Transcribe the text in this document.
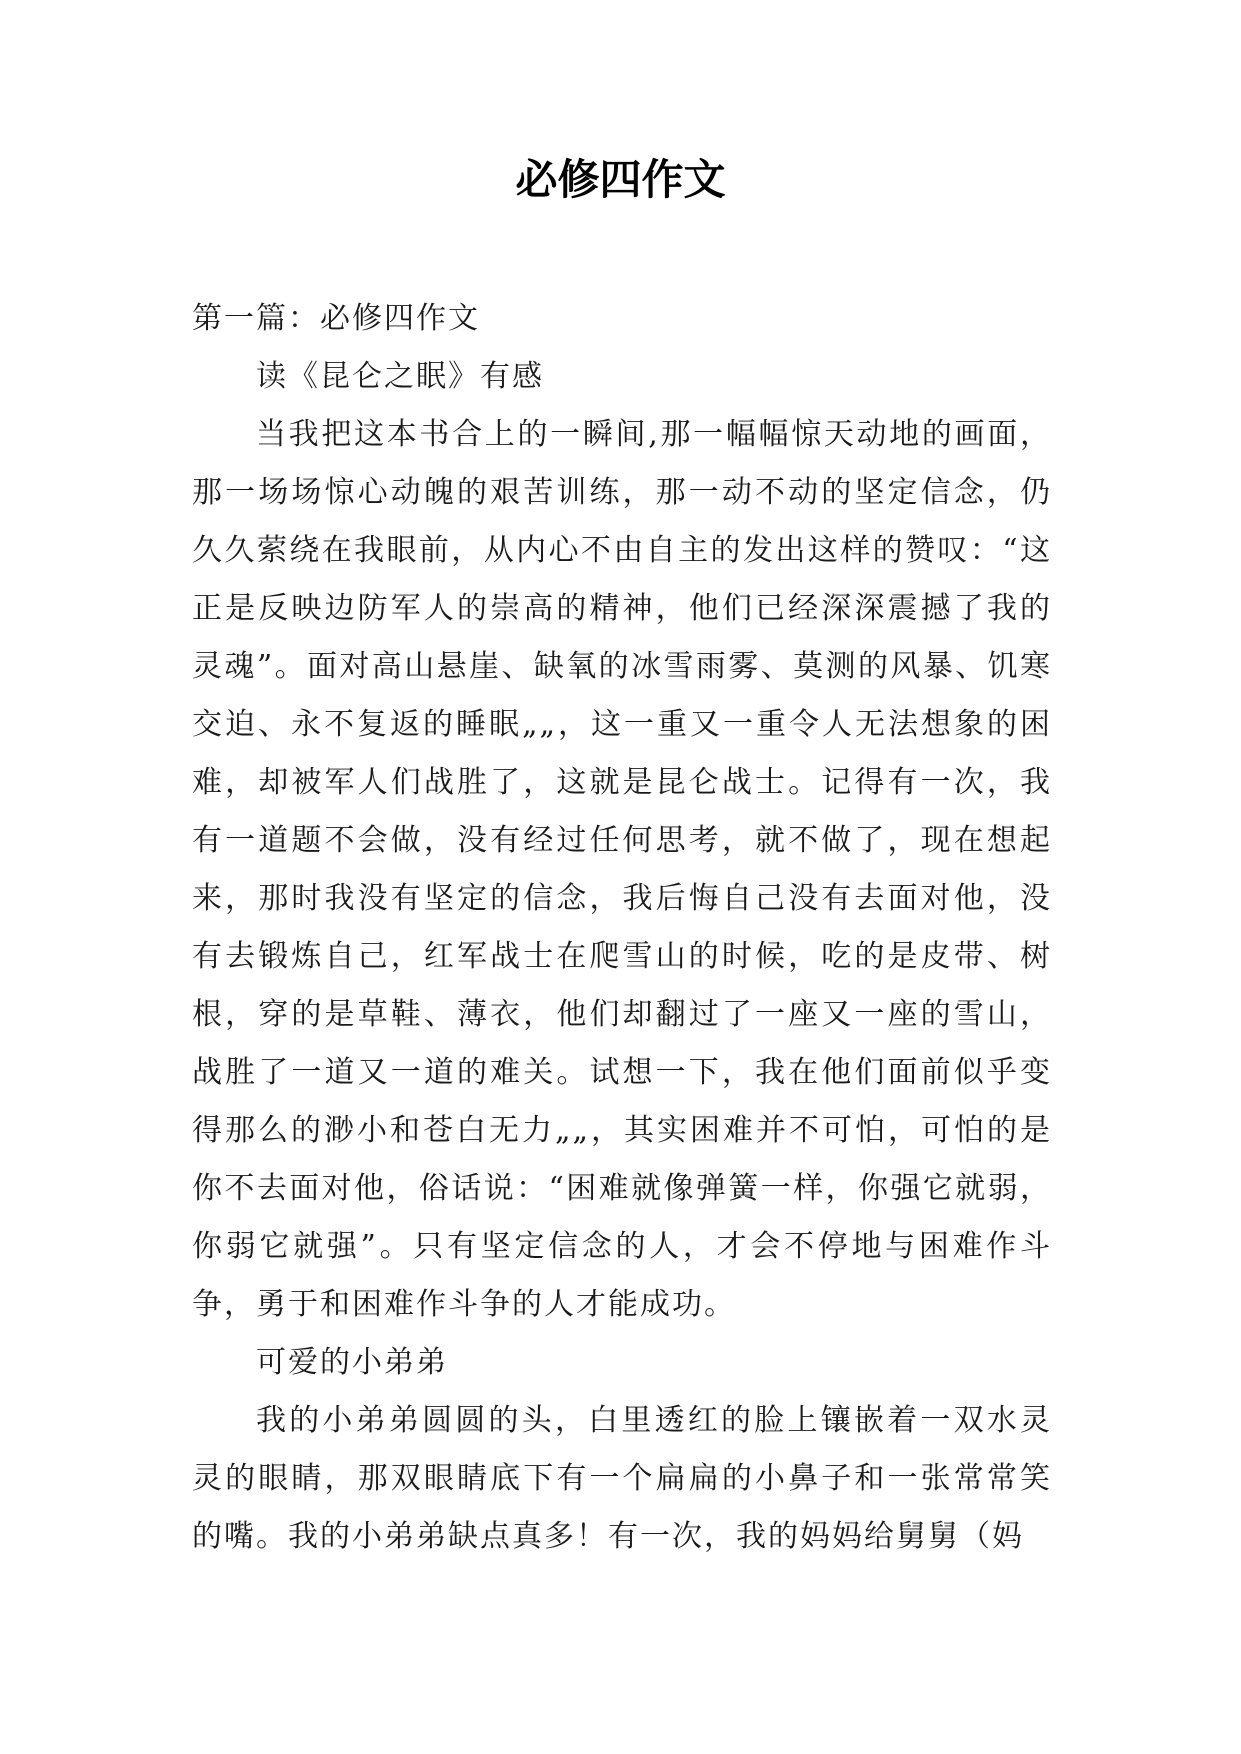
必修四作文

第一篇：必修四作文

读《昆仑之眠》有感

当我把这本书合上的一瞬间,那一幅幅惊天动地的画面，那一场场惊心动魄的艰苦训练，那一动不动的坚定信念，仍久久萦绕在我眼前，从内心不由自主的发出这样的赞叹：“这正是反映边防军人的崇高的精神，他们已经深深震撼了我的灵魂”。面对高山悬崖、缺氧的冰雪雨雾、莫测的风暴、饥寒交迫、永不复返的睡眠„„，这一重又一重令人无法想象的困难，却被军人们战胜了，这就是昆仑战士。记得有一次，我有一道题不会做，没有经过任何思考，就不做了，现在想起来，那时我没有坚定的信念，我后悔自己没有去面对他，没有去锻炼自己，红军战士在爬雪山的时候，吃的是皮带、树根，穿的是草鞋、薄衣，他们却翻过了一座又一座的雪山，战胜了一道又一道的难关。试想一下，我在他们面前似乎变得那么的渺小和苍白无力„„，其实困难并不可怕，可怕的是你不去面对他，俗话说：“困难就像弹簧一样，你强它就弱，你弱它就强”。只有坚定信念的人，才会不停地与困难作斗争，勇于和困难作斗争的人才能成功。

可爱的小弟弟

我的小弟弟圆圆的头，白里透红的脸上镶嵌着一双水灵灵的眼睛，那双眼睛底下有一个扁扁的小鼻子和一张常常笑的嘴。我的小弟弟缺点真多！有一次，我的妈妈给舅舅（妈
